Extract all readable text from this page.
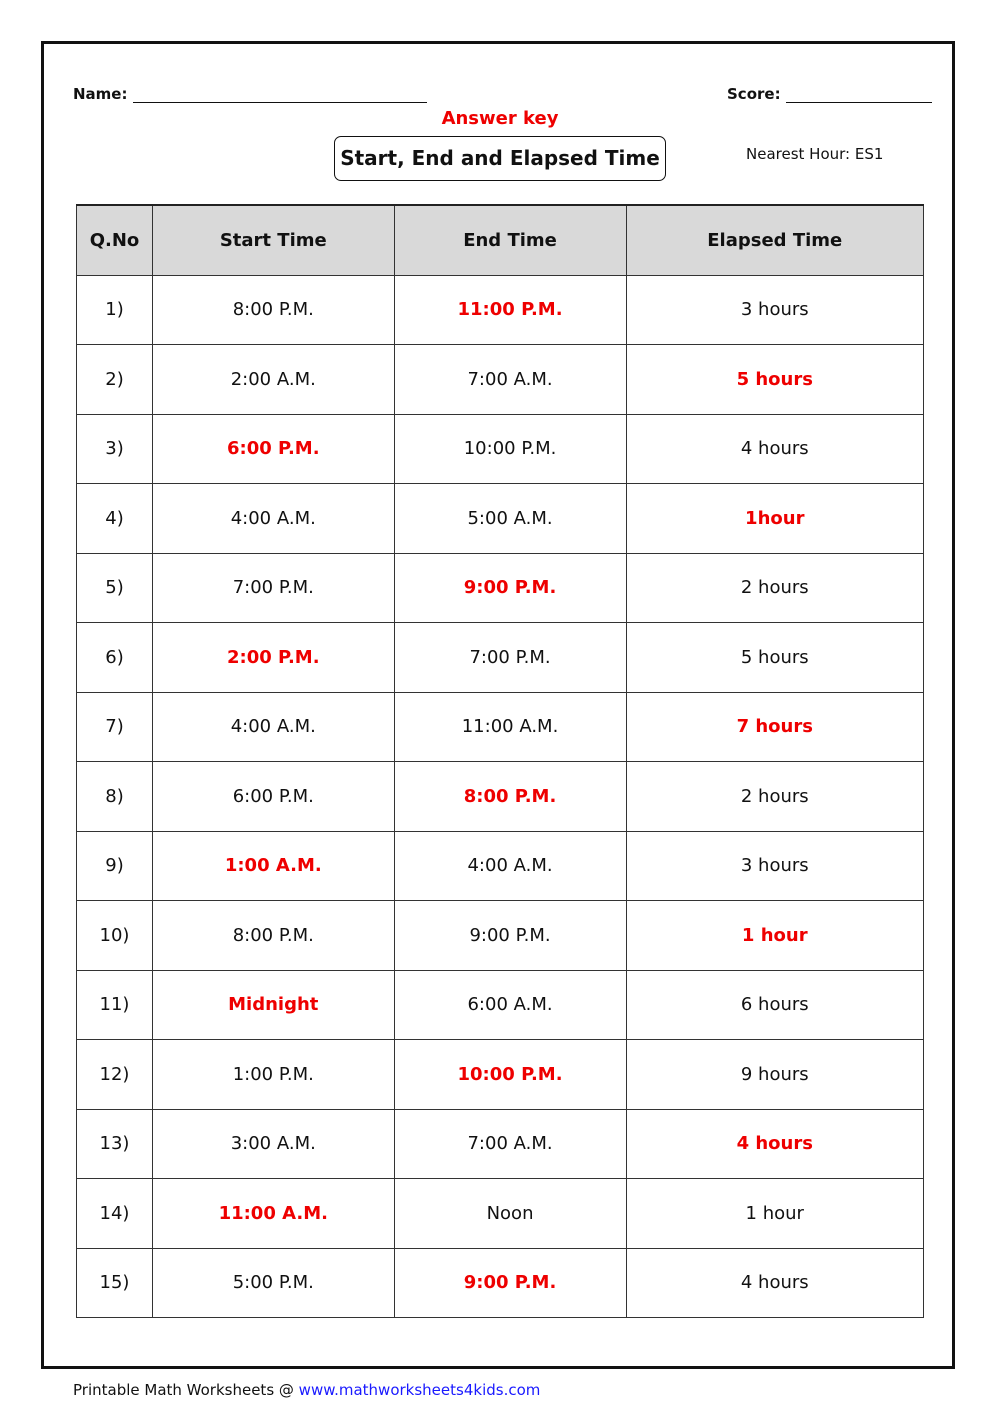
Name:	Score:
Answer key
Start, End and Elapsed Time	Nearest Hour: ES1
Q.No	Start Time	End Time	Elapsed Time
1)	8:00 P.M.	11:00 P.M.	3 hours
2)	2:00 A.M.	7:00 A.M.	5 hours
3)	6:00 P.M.	10:00 P.M.	4 hours
4)	4:00 A.M.	5:00 A.M.	1hour
5)	7:00 P.M.	9:00 P.M.	2 hours
6)	2:00 P.M.	7:00 P.M.	5 hours
7)	4:00 A.M.	11:00 A.M.	7 hours
8)	6:00 P.M.	8:00 P.M.	2 hours
9)	1:00 A.M.	4:00 A.M.	3 hours
10)	8:00 P.M.	9:00 P.M.	1 hour
11)	Midnight	6:00 A.M.	6 hours
12)	1:00 P.M.	10:00 P.M.	9 hours
13)	3:00 A.M.	7:00 A.M.	4 hours
14)	11:00 A.M.	Noon	1 hour
15)	5:00 P.M.	9:00 P.M.	4 hours
Printable Math Worksheets @ www.mathworksheets4kids.com
